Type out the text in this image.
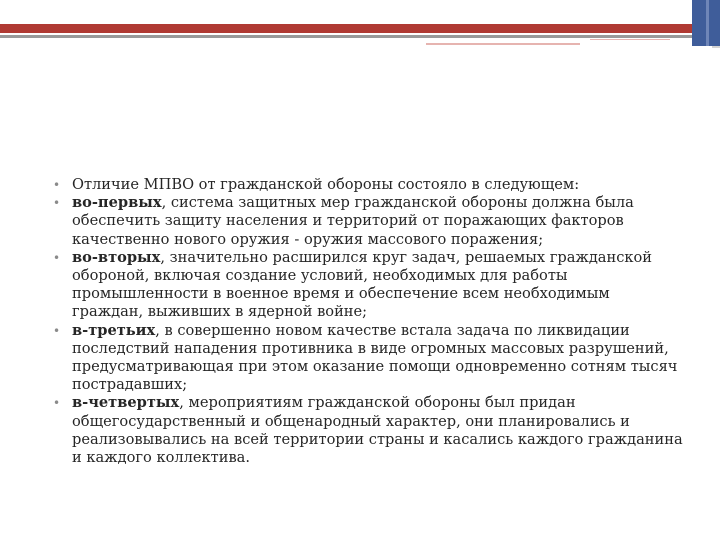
• Отличие МПВО от гражданской обороны состояло в следующем:
• во-первых, система защитных мер гражданской обороны должна была обеспечить защиту населения и территорий от поражающих факторов качественно нового оружия - оружия массового поражения;
• во-вторых, значительно расширился круг задач, решаемых гражданской обороной, включая создание условий, необходимых для работы промышленности в военное время и обеспечение всем необходимым граждан, выживших в ядерной войне;
• в-третьих, в совершенно новом качестве встала задача по ликвидации последствий нападения противника в виде огромных массовых разрушений, предусматривающая при этом оказание помощи одновременно сотням тысяч пострадавших;
• в-четвертых, мероприятиям гражданской обороны был придан общегосударственный и общенародный характер, они планировались и реализовывались на всей территории страны и касались каждого гражданина и каждого коллектива.
